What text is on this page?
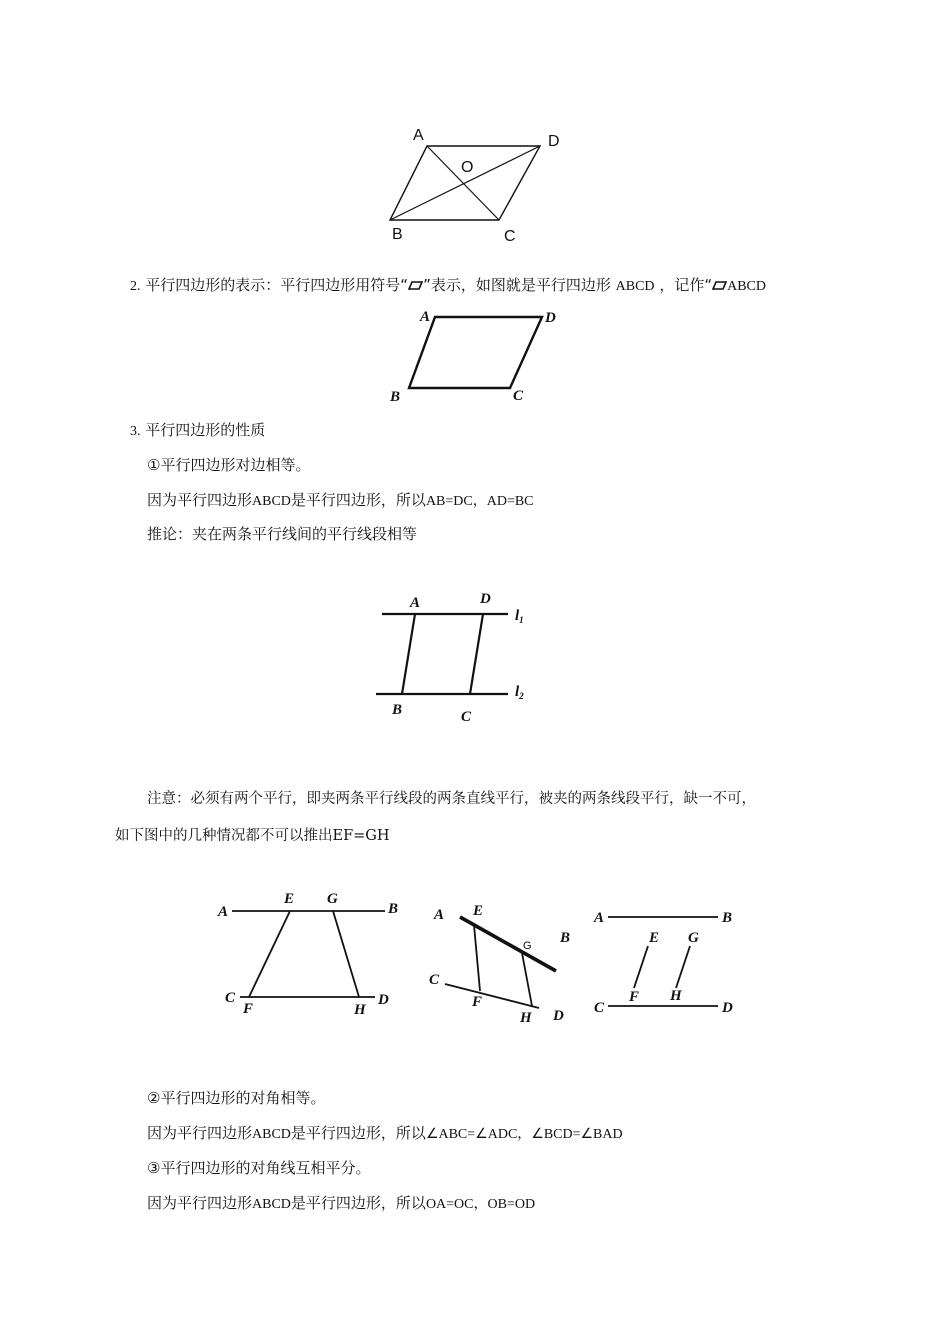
A	D
O
B	C
2. 平行四边形的表示：平行四边形用符号“ ”表示，如图就是平行四边形 ABCD ，记作“ ABCD
A	D
B	C
3. 平行四边形的性质
①平行四边形对边相等。
因为平行四边形ABCD是平行四边形，所以AB=DC，AD=BC
推论：夹在两条平行线间的平行线段相等
A	D
B	C
$l_1$
$l_2$
注意：必须有两个平行，即夹两条平行线段的两条直线平行，被夹的两条线段平行，缺一不可，
如下图中的几种情况都不可以推出EF=GH
A
E G
B
C
F	H
D
A E
G B
C
F
H D
A	B
E G
F H
C	D
②平行四边形的对角相等。
因为平行四边形ABCD是平行四边形，所以∠ABC=∠ADC，∠BCD=∠BAD
③平行四边形的对角线互相平分。
因为平行四边形ABCD是平行四边形，所以OA=OC，OB=OD
